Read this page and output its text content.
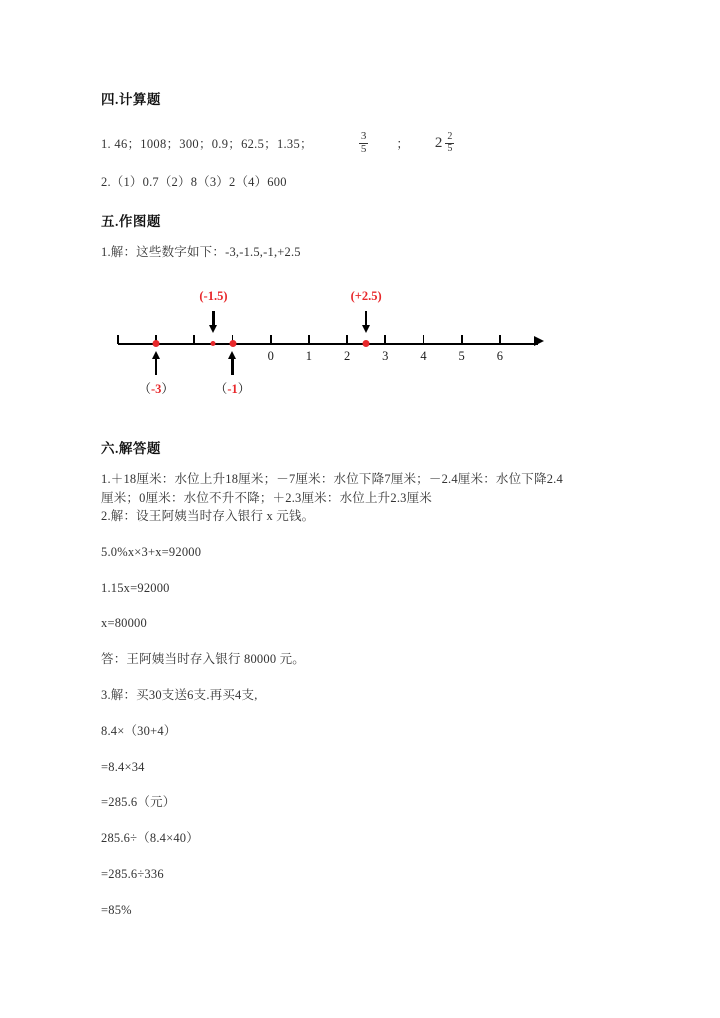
四.计算题
1. 46；1008；300；0.9；62.5；1.35；	$\frac{3}{5}$ ； $2 \frac{2}{5}$
2.（1）0.7（2）8（3）2（4）600
五.作图题
1.解：这些数字如下：-3,-1.5,-1,+2.5
0	1	2	3	4	5	6
(-1.5)	(+2.5)
（-3）	（-1）
六.解答题
1.＋18厘米：水位上升18厘米；－7厘米：水位下降7厘米；－2.4厘米：水位下降2.4厘米；0厘米：水位不升不降；＋2.3厘米：水位上升2.3厘米
2.解：设王阿姨当时存入银行 x 元钱。
5.0%x×3+x=92000
1.15x=92000
x=80000
答：王阿姨当时存入银行 80000 元。
3.解：买30支送6支.再买4支,
8.4×（30+4）
=8.4×34
=285.6（元）
285.6÷（8.4×40）
=285.6÷336
=85%
